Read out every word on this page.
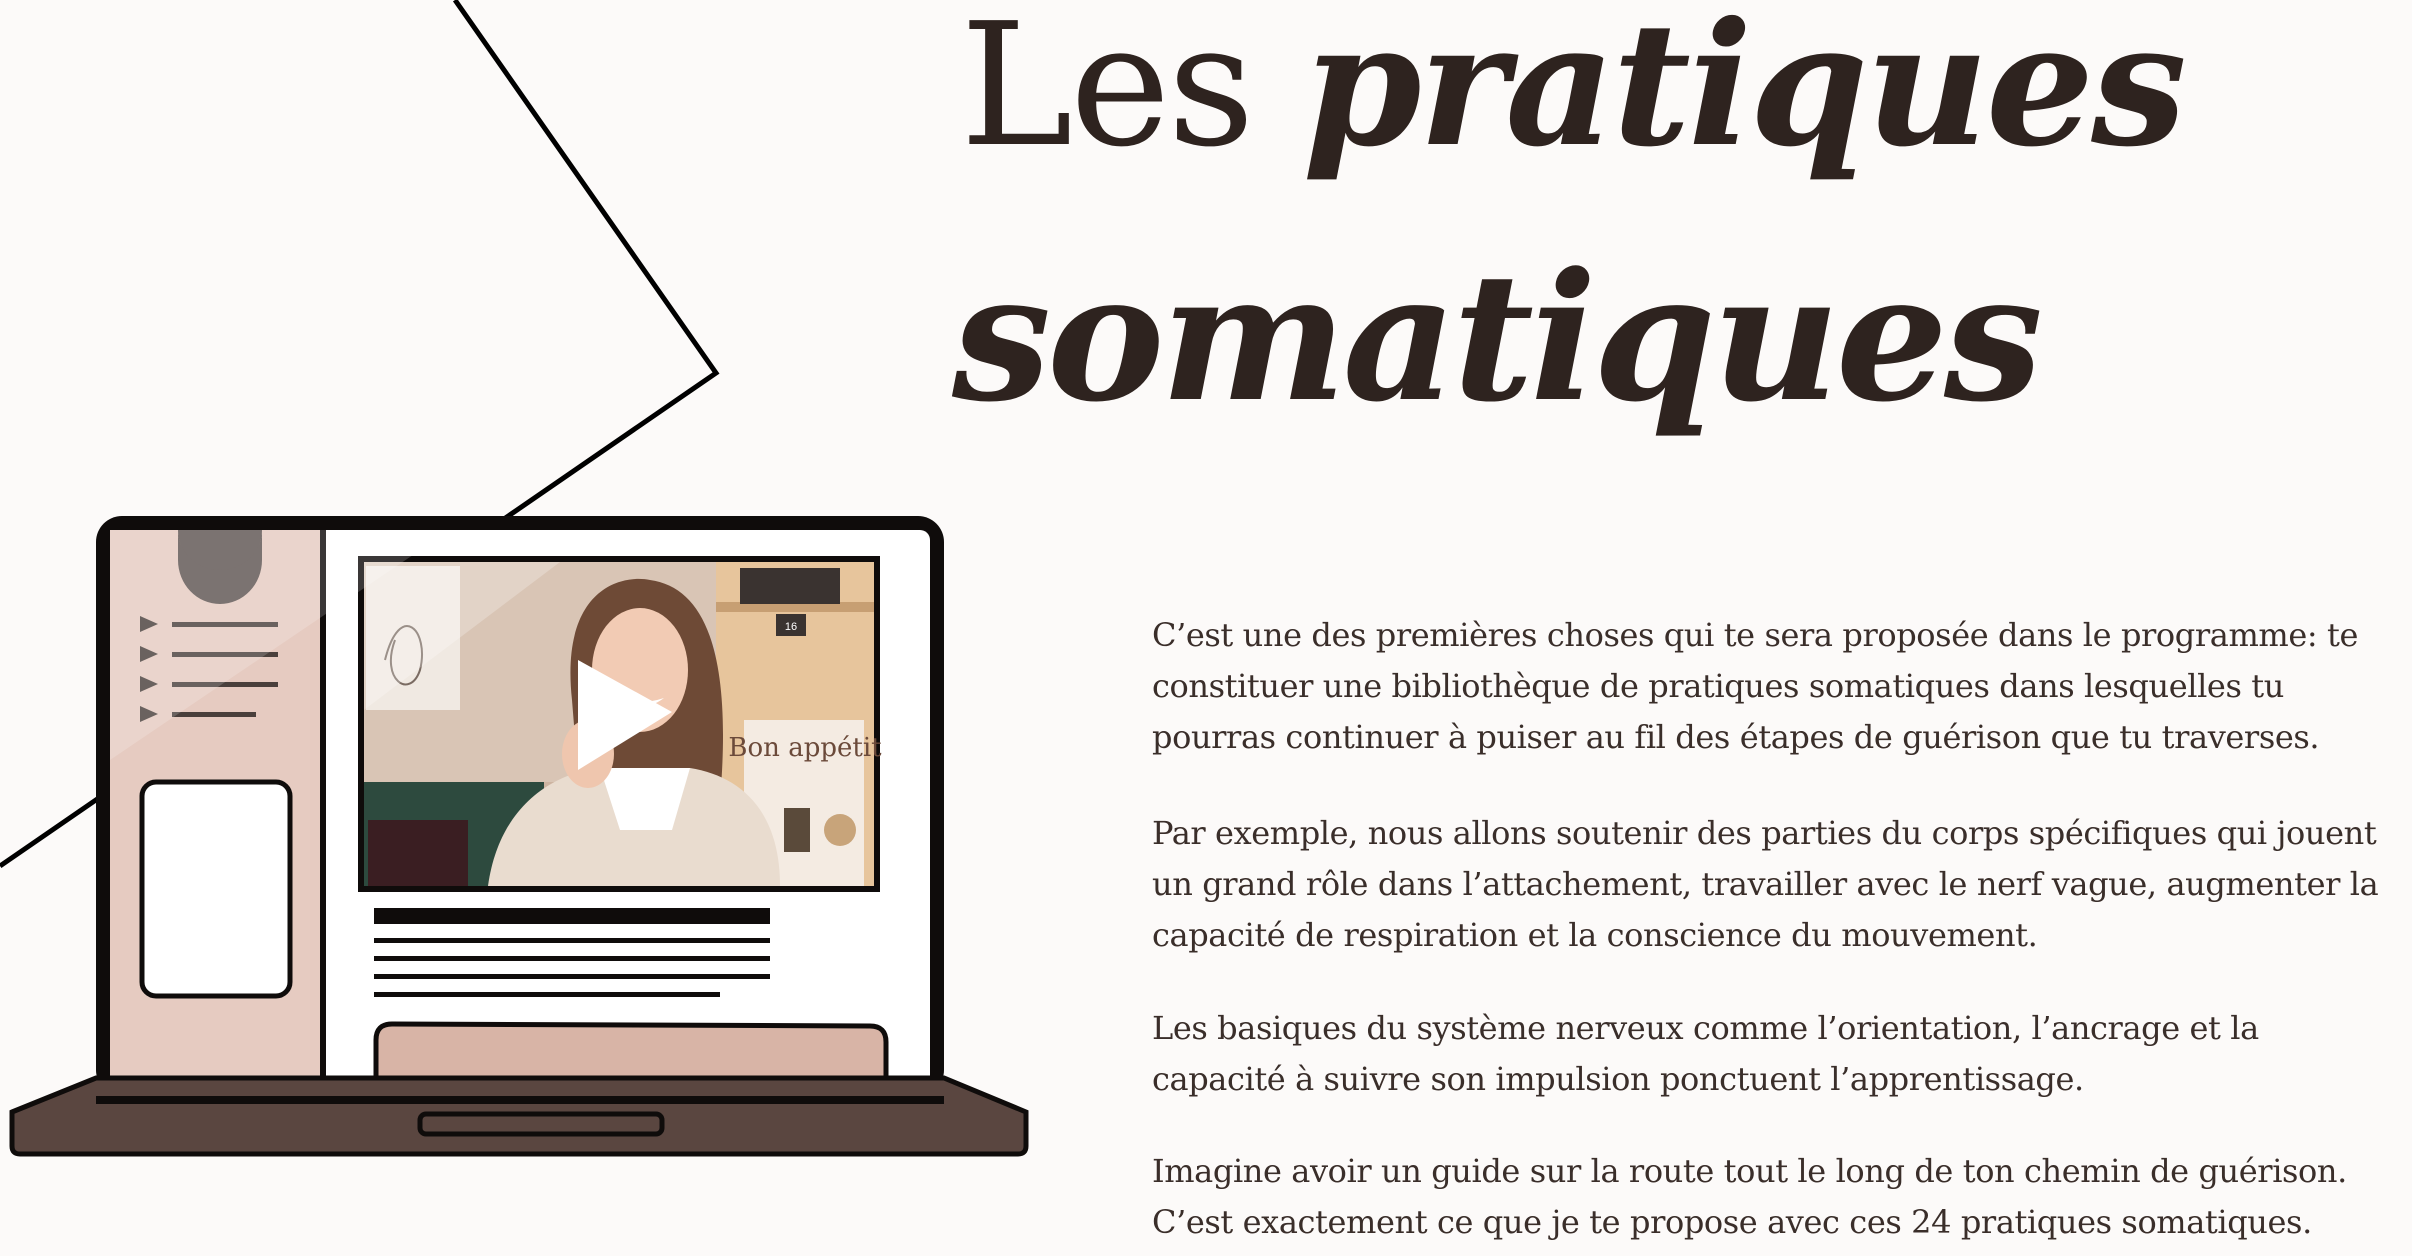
Les pratiques
somatiques
16
Bon appétit

C’est une des premières choses qui te sera proposée dans le programme: te constituer une bibliothèque de pratiques somatiques dans lesquelles tu pourras continuer à puiser au fil des étapes de guérison que tu traverses.

Par exemple, nous allons soutenir des parties du corps spécifiques qui jouent un grand rôle dans l’attachement, travailler avec le nerf vague, augmenter la capacité de respiration et la conscience du mouvement.

Les basiques du système nerveux comme l’orientation, l’ancrage et la capacité à suivre son impulsion ponctuent l’apprentissage.

Imagine avoir un guide sur la route tout le long de ton chemin de guérison. C’est exactement ce que je te propose avec ces 24 pratiques somatiques.
